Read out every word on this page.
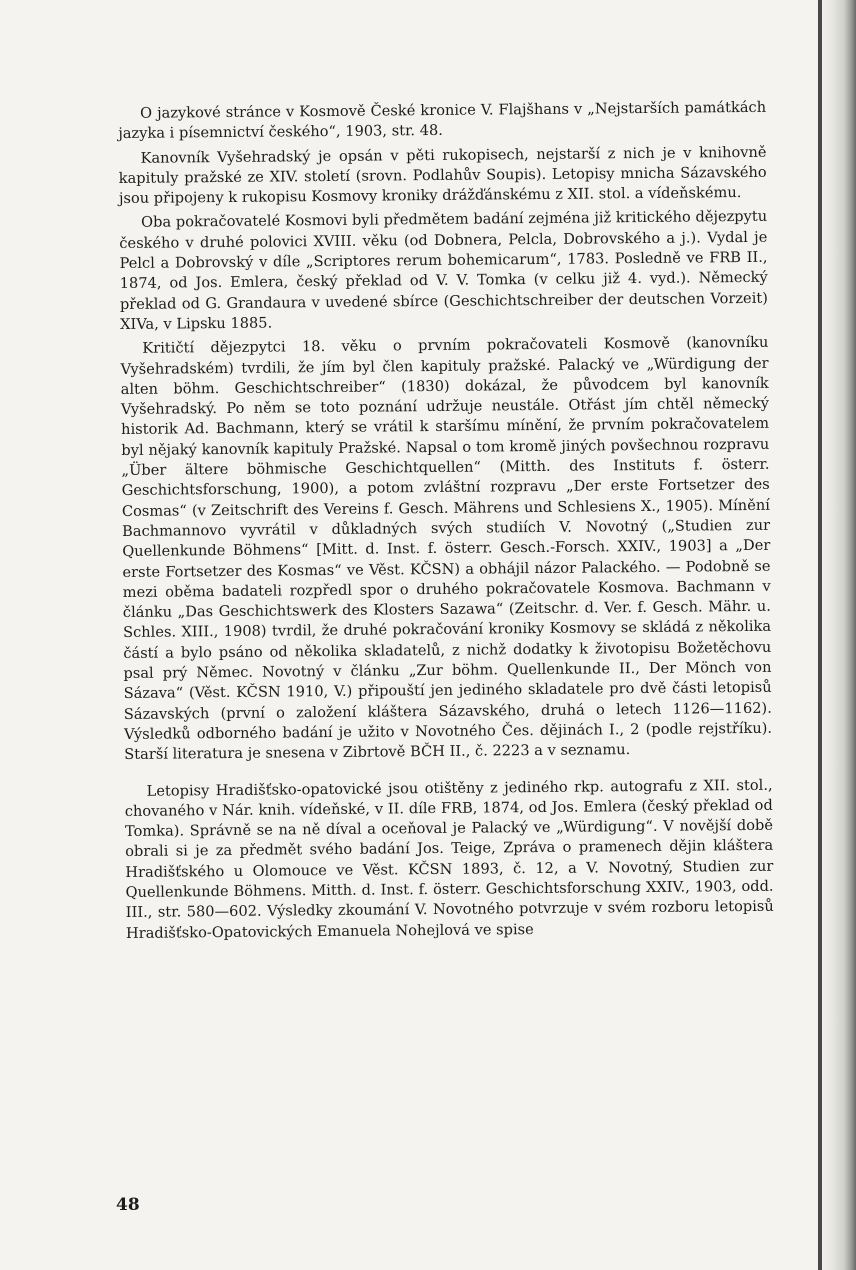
O jazykové stránce v Kosmově České kronice V. Flajšhans v „Nejstarších památkách jazyka i písemnictví českého“, 1903, str. 48.

Kanovník Vyšehradský je opsán v pěti rukopisech, nejstarší z nich je v knihovně kapituly pražské ze XIV. století (srovn. Podlahův Soupis). Letopisy mnicha Sázavského jsou připojeny k rukopisu Kosmovy kroniky drážďánskému z XII. stol. a vídeňskému.

Oba pokračovatelé Kosmovi byli předmětem badání zejména již kritického dějezpytu českého v druhé polovici XVIII. věku (od Dobnera, Pelcla, Dobrovského a j.). Vydal je Pelcl a Dobrovský v díle „Scriptores rerum bohemicarum“, 1783. Posledně ve FRB II., 1874, od Jos. Emlera, český překlad od V. V. Tomka (v celku již 4. vyd.). Německý překlad od G. Grandaura v uvedené sbírce (Geschichtschreiber der deutschen Vorzeit) XIVa, v Lipsku 1885.

Kritičtí dějezpytci 18. věku o prvním pokračovateli Kosmově (kanovníku Vyšehradském) tvrdili, že jím byl člen kapituly pražské. Palacký ve „Würdigung der alten böhm. Geschichtschreiber“ (1830) dokázal, že původcem byl kanovník Vyšehradský. Po něm se toto poznání udržuje neustále. Otřást jím chtěl německý historik Ad. Bachmann, který se vrátil k staršímu mínění, že prvním pokračovatelem byl nějaký kanovník kapituly Pražské. Napsal o tom kromě jiných povšechnou rozpravu „Über ältere böhmische Geschichtquellen“ (Mitth. des Instituts f. österr. Geschichtsforschung, 1900), a potom zvláštní rozpravu „Der erste Fortsetzer des Cosmas“ (v Zeitschrift des Vereins f. Gesch. Mährens und Schlesiens X., 1905). Mínění Bachmannovo vyvrátil v důkladných svých studiích V. Novotný („Studien zur Quellenkunde Böhmens“ [Mitt. d. Inst. f. österr. Gesch.-Forsch. XXIV., 1903] a „Der erste Fortsetzer des Kosmas“ ve Věst. KČSN) a obhájil názor Palackého. — Podobně se mezi oběma badateli rozpředl spor o druhého pokračovatele Kosmova. Bachmann v článku „Das Geschichtswerk des Klosters Sazawa“ (Zeitschr. d. Ver. f. Gesch. Mähr. u. Schles. XIII., 1908) tvrdil, že druhé pokračování kroniky Kosmovy se skládá z několika částí a bylo psáno od několika skladatelů, z nichž dodatky k životopisu Božetěchovu psal prý Němec. Novotný v článku „Zur böhm. Quellenkunde II., Der Mönch von Sázava“ (Věst. KČSN 1910, V.) připouští jen jediného skladatele pro dvě části letopisů Sázavských (první o založení kláštera Sázavského, druhá o letech 1126—1162). Výsledků odborného badání je užito v Novotného Čes. dějinách I., 2 (podle rejstříku). Starší literatura je snesena v Zibrtově BČH II., č. 2223 a v seznamu.

Letopisy Hradišťsko-opatovické jsou otištěny z jediného rkp. autografu z XII. stol., chovaného v Nár. knih. vídeňské, v II. díle FRB, 1874, od Jos. Emlera (český překlad od Tomka). Správně se na ně díval a oceňoval je Palacký ve „Würdigung“. V novější době obrali si je za předmět svého badání Jos. Teige, Zpráva o pramenech dějin kláštera Hradišťského u Olomouce ve Věst. KČSN 1893, č. 12, a V. Novotný, Studien zur Quellenkunde Böhmens. Mitth. d. Inst. f. österr. Geschichtsforschung XXIV., 1903, odd. III., str. 580—602. Výsledky zkoumání V. Novotného potvrzuje v svém rozboru letopisů Hradišťsko-Opatovických Emanuela Nohejlová ve spise

48
